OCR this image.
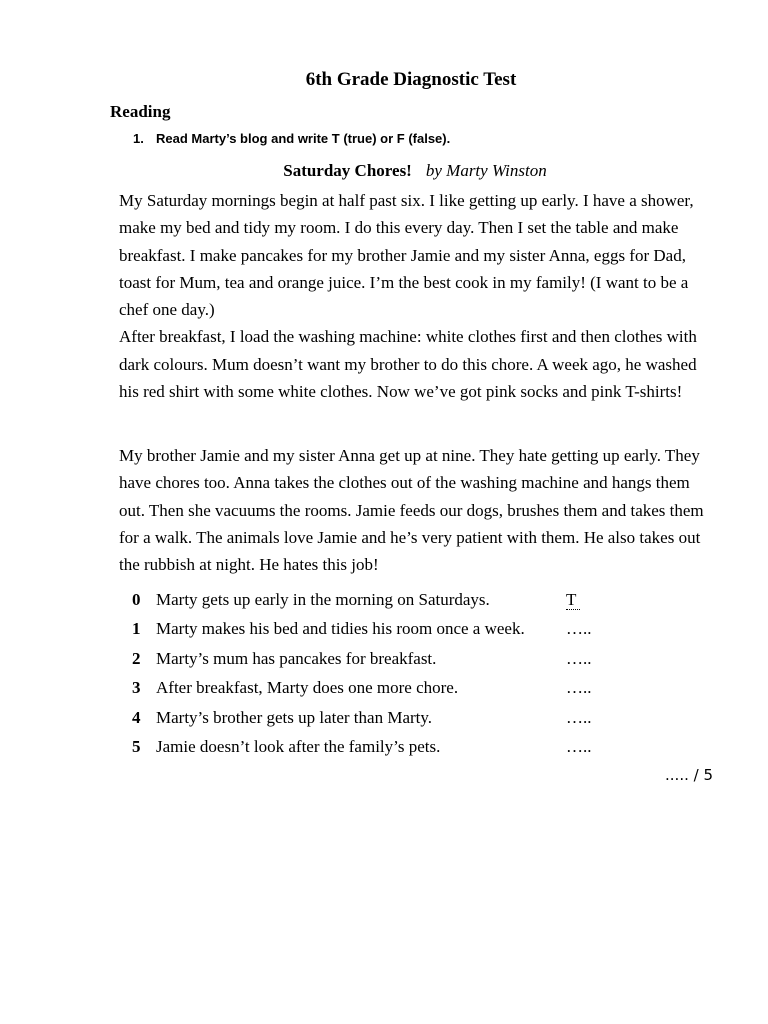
6th Grade Diagnostic Test
Reading
1. Read Marty’s blog and write T (true) or F (false).
Saturday Chores! by Marty Winston

My Saturday mornings begin at half past six. I like getting up early. I have a shower, make my bed and tidy my room. I do this every day. Then I set the table and make breakfast. I make pancakes for my brother Jamie and my sister Anna, eggs for Dad, toast for Mum, tea and orange juice. I’m the best cook in my family! (I want to be a chef one day.)

After breakfast, I load the washing machine: white clothes first and then clothes with dark colours. Mum doesn’t want my brother to do this chore. A week ago, he washed his red shirt with some white clothes. Now we’ve got pink socks and pink T-shirts!

My brother Jamie and my sister Anna get up at nine. They hate getting up early. They have chores too. Anna takes the clothes out of the washing machine and hangs them out. Then she vacuums the rooms. Jamie feeds our dogs, brushes them and takes them for a walk. The animals love Jamie and he’s very patient with them. He also takes out the rubbish at night. He hates this job!

0 Marty gets up early in the morning on Saturdays.	T
1 Marty makes his bed and tidies his room once a week. …..
2 Marty’s mum has pancakes for breakfast.	…..
3 After breakfast, Marty does one more chore.	…..
4 Marty’s brother gets up later than Marty.	…..
5 Jamie doesn’t look after the family’s pets.	…..
..... / 5
